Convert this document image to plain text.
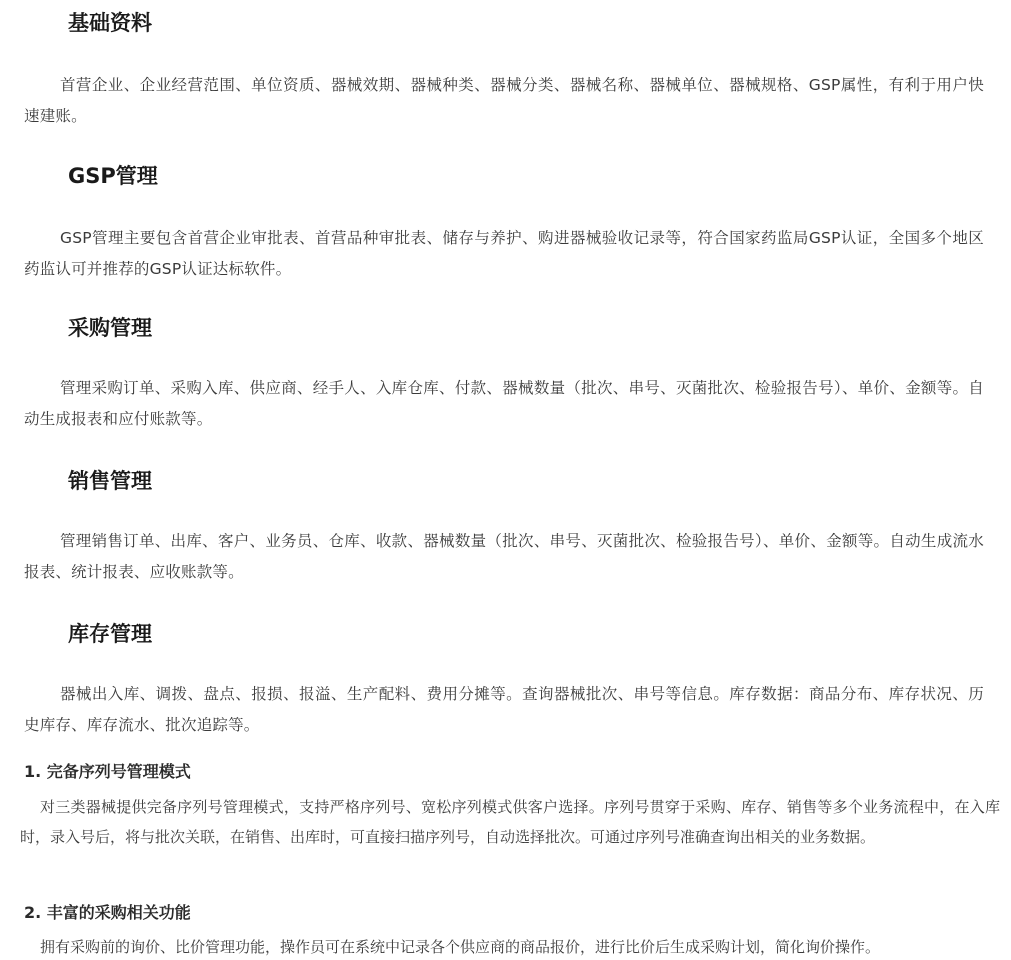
基础资料

首营企业、企业经营范围、单位资质、器械效期、器械种类、器械分类、器械名称、器械单位、器械规格、GSP属性，有利于用户快速建账。

GSP管理

GSP管理主要包含首营企业审批表、首营品种审批表、储存与养护、购进器械验收记录等，符合国家药监局GSP认证，全国多个地区药监认可并推荐的GSP认证达标软件。

采购管理

管理采购订单、采购入库、供应商、经手人、入库仓库、付款、器械数量（批次、串号、灭菌批次、检验报告号）、单价、金额等。自动生成报表和应付账款等。

销售管理

管理销售订单、出库、客户、业务员、仓库、收款、器械数量（批次、串号、灭菌批次、检验报告号）、单价、金额等。自动生成流水报表、统计报表、应收账款等。

库存管理

器械出入库、调拨、盘点、报损、报溢、生产配料、费用分摊等。查询器械批次、串号等信息。库存数据：商品分布、库存状况、历史库存、库存流水、批次追踪等。

1. 完备序列号管理模式

对三类器械提供完备序列号管理模式，支持严格序列号、宽松序列模式供客户选择。序列号贯穿于采购、库存、销售等多个业务流程中，在入库时，录入号后，将与批次关联，在销售、出库时，可直接扫描序列号，自动选择批次。可通过序列号准确查询出相关的业务数据。

2. 丰富的采购相关功能

拥有采购前的询价、比价管理功能，操作员可在系统中记录各个供应商的商品报价，进行比价后生成采购计划，简化询价操作。
